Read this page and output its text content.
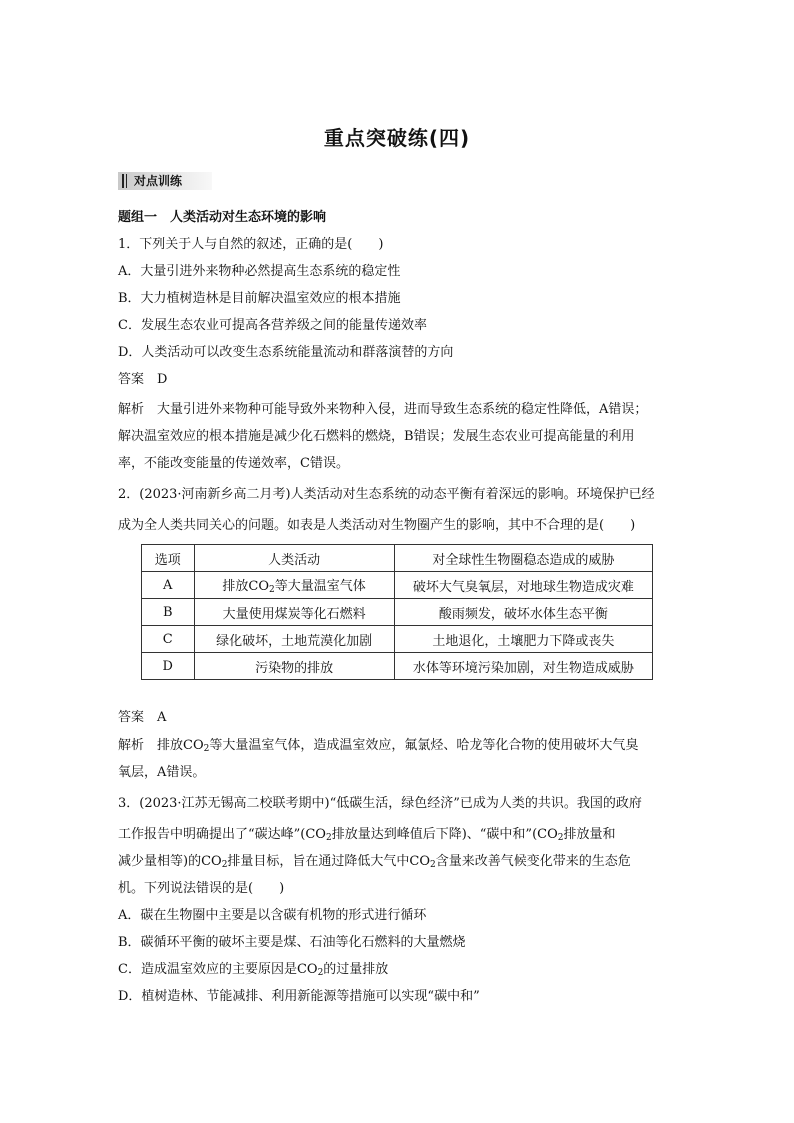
重点突破练(四)
对点训练
题组一　人类活动对生态环境的影响
1．下列关于人与自然的叙述，正确的是(　　)
A．大量引进外来物种必然提高生态系统的稳定性
B．大力植树造林是目前解决温室效应的根本措施
C．发展生态农业可提高各营养级之间的能量传递效率
D．人类活动可以改变生态系统能量流动和群落演替的方向
答案　D
解析　大量引进外来物种可能导致外来物种入侵，进而导致生态系统的稳定性降低，A错误；
解决温室效应的根本措施是减少化石燃料的燃烧，B错误；发展生态农业可提高能量的利用
率，不能改变能量的传递效率，C错误。
2．(2023·河南新乡高二月考)人类活动对生态系统的动态平衡有着深远的影响。环境保护已经
成为全人类共同关心的问题。如表是人类活动对生物圈产生的影响，其中不合理的是(　　)
选项	人类活动	对全球性生物圈稳态造成的威胁
A	排放$CO_2$等大量温室气体	破坏大气臭氧层，对地球生物造成灾难
B	大量使用煤炭等化石燃料	酸雨频发，破坏水体生态平衡
C	绿化破坏，土地荒漠化加剧	土地退化，土壤肥力下降或丧失
D	污染物的排放	水体等环境污染加剧，对生物造成威胁
答案　A
解析　排放$CO_2$等大量温室气体，造成温室效应，氟氯烃、哈龙等化合物的使用破坏大气臭
氧层，A错误。
3．(2023·江苏无锡高二校联考期中)“低碳生活，绿色经济”已成为人类的共识。我国的政府
工作报告中明确提出了“碳达峰$”(CO_2$排放量达到峰值后下降)、“碳中和$”(CO_2$排放量和
减少量相等)的$CO_2$排量目标，旨在通过降低大气中$CO_2$含量来改善气候变化带来的生态危
机。下列说法错误的是(　　)
A．碳在生物圈中主要是以含碳有机物的形式进行循环
B．碳循环平衡的破坏主要是煤、石油等化石燃料的大量燃烧
C．造成温室效应的主要原因是$CO_2$的过量排放
D．植树造林、节能减排、利用新能源等措施可以实现“碳中和”
